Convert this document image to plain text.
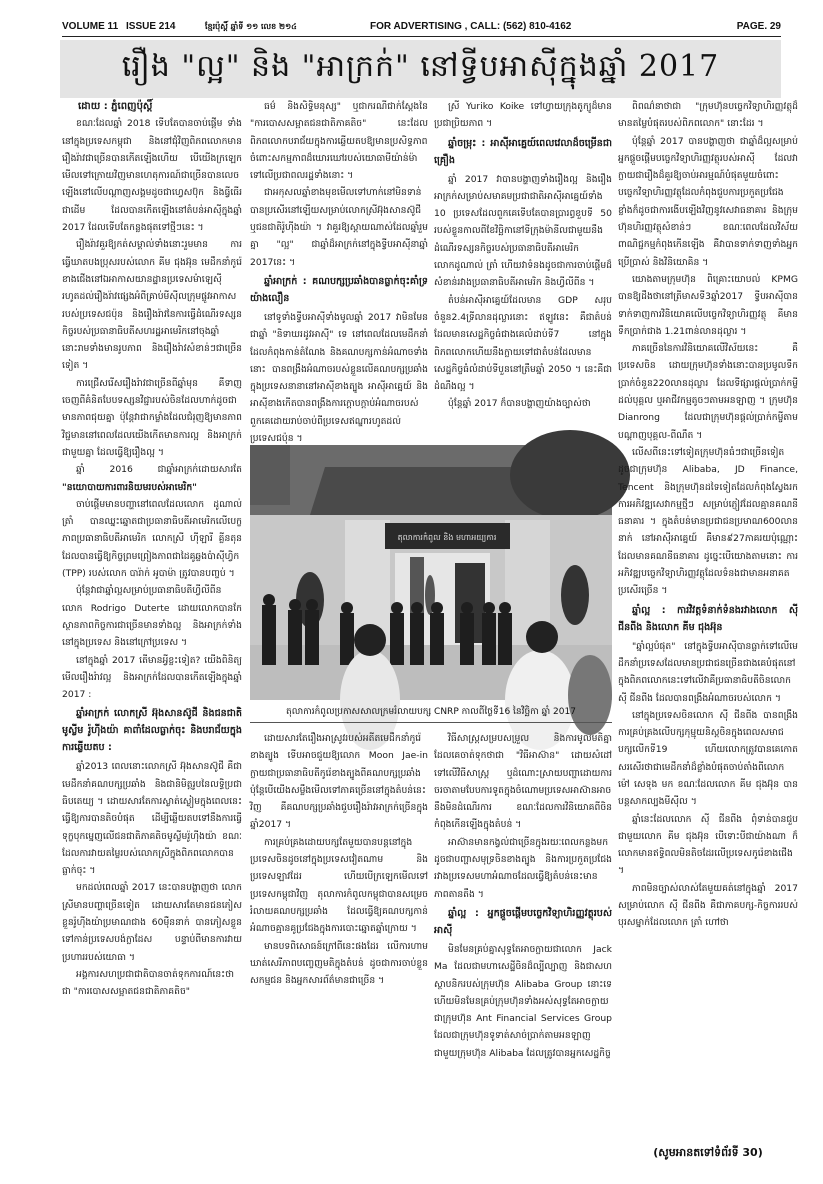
VOLUME 11 ISSUE 214	ខ្មែរប៉ុស្តិ៍ ឆ្នាំទី ១១ លេខ ២១៤	FOR ADVERTISING , CALL: (562) 810-4162	PAGE. 29
រឿង "ល្អ" និង "អាក្រក់" នៅទ្វីបអាស៊ីក្នុងឆ្នាំ 2017

ដោយ : ភ្នំពេញប៉ុស្តិ៍

ខណៈដែលឆ្នាំ 2018 ទើបតែបានចាប់ផ្តើម ទាំងនៅក្នុងប្រទេសកម្ពុជា និងនៅជុំវិញពិភពលោកមានរឿងរ៉ាវជាច្រើនបានកើតឡើងហើយ បើយើងក្រឡេកមើលទៅក្រោយវិញមានហេតុការណ៍ជាច្រើនបានលេចឡើងនៅលើបណ្តាញសង្គមដូចជាហ្វេសប៊ុក និងធ្វីធើរជាដើម ដែលបានកើតឡើងនៅតំបន់អាស៊ីក្នុងឆ្នាំ 2017 ដែលទើបតែកន្លងផុតទៅថ្មីៗនេះ ។

រឿងរ៉ាវគួរឱ្យកត់សម្គាល់ទាំងនោះរួមមាន ការធ្វើឃាតបងប្រុសរបស់លោក គីម ជុងអ៊ុន មេដឹកនាំកូរ៉េខាងជើងនៅឯអាកាសយានដ្ឋានប្រទេសម៉ាឡេស៊ី រហូតដល់រឿងរ៉ាវផ្សេងអំពីគ្រាប់មីស៊ីលក្រុមផ្លូវអាកាសរបស់ប្រទេសជប៉ុន និងរឿងរ៉ាវនៃការធ្វើដំណើរទស្សនកិច្ចរបស់ប្រធានាធិបតីសហរដ្ឋអាមេរិកនៅចុងឆ្នាំនោះរាមទាំងមានរូបភាព និងរឿងរ៉ាវសំខាន់ៗជាច្រើនទៀត ។

ការជ្រើសរើសរឿងរ៉ាវជាច្រើនពីឆ្នាំមុន គឺទាញចេញពីគំនិតបែបទស្សនវិជ្ជារបស់ចិនដែលហាក់ដូចជាមានភាពជុយគ្នា ប៉ុន្តែវាជាកម្លាំងដែលជំរុញឱ្យមានភាពវិជ្ជមាននៅពេលដែលយើងកើតមានការល្អ និងអាក្រក់ជាមួយគ្នា ដែលធ្វើឱ្យរឿងល្អ ។

ឆ្នាំ 2016 ជាឆ្នាំអាក្រក់ដោយសារតែ "នយោបាយការពារនិយមរបស់អាមេរិក"

ចាប់ផ្តើមមានបញ្ហានៅពេលដែលលោក ដូណាល់ ត្រាំ បានឈ្នះឆ្នោតជាប្រធានាធិបតីអាមេរិកលើបេក្ខភាពប្រធានាធិបតីអាមេរិក លោកស្រី ហ៊ីឡារី គ្លីនតុន ដែលបានធ្វើឱ្យកិច្ចព្រមព្រៀងភាពជាដៃគូឆ្លងប៉ាស៊ីហ្វិក (TPP) របស់លោក បារ៉ាក់ អូបាម៉ា ត្រូវបានបញ្ចប់ ។

ប៉ុន្តែវាជាឆ្នាំល្អសម្រាប់ប្រធានាធិបតីហ្វីលីពីន លោក Rodrigo Duterte ដោយលោកបានកែស្ថានភាពកិច្ចការជាច្រើនមានទាំងល្អ និងអាក្រក់ទាំងនៅក្នុងប្រទេស និងនៅក្រៅប្រទេស ។

នៅក្នុងឆ្នាំ 2017 តើមានអ្វីខ្លះទៀត? យើងពិនិត្យមើលរឿងរ៉ាវល្អ និងអាក្រក់ដែលបានកើតឡើងក្នុងឆ្នាំ 2017 :

ឆ្នាំអាក្រក់ លោកស្រី អ៊ុងសានស៊ូជី និងជនជាតិមូស្លីម រ៉ូហ៊ីងយ៉ា គាពាំដែលធ្លាក់ចុះ និងបរាជ័យក្នុងការឆ្លើយតប :

ឆ្នាំ2013 ពេលនោះលោកស្រី អ៊ុងសានស៊ូជី គឺជាមេដឹកនាំគណបក្សប្រឆាំង និងជានិមិត្តរូបនៃលទ្ធិប្រជាធិបតេយ្យ ។ ដោយសារតែការស្ងាត់ស្ងៀមក្នុងពេលនេះ ធ្វើឱ្យការបានតិចបំផុត ដើម្បីឆ្លើយតបទៅនឹងការធ្វើទុក្ខបុកម្នេញលើជនជាតិភាគតិចមូស្លីមរ៉ូហ៊ីងយ៉ា ខណៈដែលការវាយតម្លៃរបស់លោកស្រីក្នុងពិភពលោកបានធ្លាក់ចុះ ។

មកដល់ពេលឆ្នាំ 2017 នេះបានបង្ហាញថា លោកស្រីមានបញ្ហាច្រើនទៀត ដោយសារតែមានជនភៀសខ្លួនរ៉ូហ៊ីងយ៉ាប្រមាណជាង 60ម៉ឺននាក់ បានភៀសខ្លួនទៅកាន់ប្រទេសបង់ក្លាដែស បន្ទាប់ពីមានការវាយប្រហាររបស់យោធា ។

អង្គការសហប្រជាជាតិបានចាត់ទុកការណ៍នេះថាជា "ការបោសសម្អាតជនជាតិភាគតិច"

ធម៌ និងសិទ្ធិមនុស្ស" ឬជាករណីជាក់ស្តែងនៃ "ការបោសសម្អាតជនជាតិភាគតិច" នេះដែលពិភពលោកបរាជ័យក្នុងការឆ្លើយតបឱ្យមានប្រសិទ្ធភាពចំពោះសកម្មភាពដ៏ឃោរឃៅរបស់យោធាមីយ៉ាន់ម៉ាទៅលើប្រជាពលរដ្ឋទាំងនោះ ។

ជាអកុសលឆ្នាំខាងមុខមើលទៅហាក់នៅមិនទាន់បានប្រសើរនៅឡើយសម្រាប់លោកស្រីអ៊ុងសានស៊ូជី ឬជនជាតិរ៉ូហ៊ីងយ៉ា ។ វាគួរឱ្យស្តាយណាស់ដែលឆ្នាំរួមគ្នា "ល្អ" ជាឆ្នាំដ៏អាក្រក់នៅក្នុងទ្វីបអាស៊ីនាឆ្នាំ 2017នេះ ។

ឆ្នាំអាក្រក់ : គណបក្សប្រឆាំងបានធ្លាក់ចុះគាំទ្រយ៉ាងលឿន

នៅទូទាំងទ្វីបអាស៊ីទាំងមូលឆ្នាំ 2017 វាមិនមែនជាឆ្នាំ "និទាឃរដូវអាស៊ី" ទេ នៅពេលដែលមេដឹកនាំដែលកំពុងកាន់តំណែង និងគណបក្សកាន់អំណាចទាំងនោះ បានពង្រឹងអំណាចរបស់ខ្លួនលើគណបក្សប្រឆាំងក្នុងប្រទេសនានានៅអាស៊ីខាងត្បូង អាស៊ីអាគ្នេយ៍ និងអាស៊ីខាងកើតបានពង្រឹងការក្តោបក្តាប់អំណាចរបស់ពួកគេដោយរាប់ចាប់ពីប្រទេសឥណ្ឌារហូតដល់ប្រទេសជប៉ុន ។

ស្រី Yuriko Koike ទៅហ្វាយក្រុងតូក្យូដ៏មានប្រជាប្រិយភាព ។

ឆ្នាំចម្រុះ : អាស៊ីអាគ្នេយ៍ពេលវេលាដ៏ចម្រើនជាគ្រឿង

ឆ្នាំ 2017 វាបានបង្ហាញទាំងរឿងល្អ និងរឿងអាក្រក់សម្រាប់សមាគមប្រជាជាតិអាស៊ីអាគ្នេយ៍ទាំង 10 ប្រទេសដែលពួកគេទើបតែបានប្រារព្ធខួបទី 50 របស់ខ្លួនកាលពីខែវិច្ឆិកានៅទីក្រុងម៉ានីលជាមួយនឹងដំណើរទស្សនកិច្ចរបស់ប្រធានាធិបតីអាមេរិកលោកដូណាល់ ត្រាំ ហើយវាទំនងដូចជាការចាប់ផ្តើមដ៏សំខាន់រវាងប្រធានាធិបតីអាមេរិក និងហ្វីលីពីន ។

តំបន់អាស៊ីអាគ្នេយ៍ដែលមាន GDP សរុបចំនួន2.4ទ្រីលានដុល្លារនោះ ឥឡូវនេះ គឺជាតំបន់ដែលមានសេដ្ឋកិច្ចធំជាងគេលំដាប់ទី7 នៅក្នុងពិភពលោកហើយនឹងក្លាយទៅជាតំបន់ដែលមានសេដ្ឋកិច្ចធំលំដាប់ទីបួននៅត្រឹមឆ្នាំ 2050 ។ នេះគឺជាដំណឹងល្អ ។

ប៉ុន្តែឆ្នាំ 2017 ក៏បានបង្ហាញយ៉ាងច្បាស់ថា

តុលាការកំពូល និង មហាអយ្យការ
តុលាការកំពូលប្រកាសសាលក្រមរំលាយបក្ស CNRP កាលពីថ្ងៃទី16 នៃវិច្ឆិកា ឆ្នាំ 2017

ដោយសារតែរឿងអាស្រូវរបស់អតីតមេដឹកនាំកូរ៉េខាងត្បូង ទើបអាចជួយឱ្យលោក Moon Jae-in ក្លាយជាប្រធានាធិបតីកូរ៉េខាងត្បូងពីគណបក្សប្រឆាំង ប៉ុន្តែបើយើងសម្លឹងមើលទៅភាគច្រើននៅក្នុងតំបន់នេះវិញ គឺគណបក្សប្រឆាំងជួបរឿងរ៉ាវអាក្រក់ច្រើនក្នុងឆ្នាំ2017 ។

ការគ្រប់គ្រងដោយបក្សតែមួយបានបន្តនៅក្នុងប្រទេសចិនដូចនៅក្នុងប្រទេសវៀតណាម និងប្រទេសឡាវដែរ ហើយបើក្រឡេកមើលទៅប្រទេសកម្ពុជាវិញ តុលាការកំពូលកម្ពុជាបានសម្រេចរំលាយគណបក្សប្រឆាំង ដែលធ្វើឱ្យគណបក្សកាន់អំណាចគ្មានគូប្រជែងក្នុងការបោះឆ្នោតឆ្នាំក្រោយ ។

មានបទពិសោធន៍ក្រៅពីនេះផងដែរ លើការហាមឃាត់សេរីភាពបញ្ចេញមតិក្នុងតំបន់ ដូចជាការចាប់ខ្លួនសកម្មជន និងអ្នកសារព័ត៌មានជាច្រើន ។

វិធីសាស្ត្រសម្របសម្រួល និងការមូលមតិគ្នាដែលគេចាត់ទុកថាជា "វិធីអាស៊ាន" ដោយសំដៅទៅលើវិធីសាស្ត្រ ឬដំណោះស្រាយបញ្ហាដោយការចរចាតាមបែបការទូតក្នុងចំណោមប្រទេសអាស៊ានអាចនឹងមិនដំណើរការ ខណៈដែលការវិនិយោគពីចិនកំពុងកើនឡើងក្នុងតំបន់ ។

អាស៊ានមានកង្វល់ជាច្រើនក្នុងរយៈពេលកន្លងមក ដូចជាបញ្ហាសមុទ្រចិនខាងត្បូង និងការប្រកួតប្រជែងរវាងប្រទេសមហាអំណាចដែលធ្វើឱ្យតំបន់នេះមានភាពតានតឹង ។

ឆ្នាំល្អ : អ្នកផ្តួចផ្តើមបច្ចេកវិទ្យាហិរញ្ញវត្ថុរបស់អាស៊ី

មិនមែនគ្រប់គ្នាសុទ្ធតែអាចក្លាយជាលោក Jack Ma ដែលជាមហាសេដ្ឋីចិនដ៏ល្បីល្បាញ និងជាសហស្ថាបនិករបស់ក្រុមហ៊ុន Alibaba Group នោះទេ ហើយមិនមែនគ្រប់ក្រុមហ៊ុនទាំងអស់សុទ្ធតែអាចក្លាយជាក្រុមហ៊ុន Ant Financial Services Group ដែលជាក្រុមហ៊ុនទូទាត់សាច់ប្រាក់តាមអនឡាញជាមួយក្រុមហ៊ុន Alibaba ដែលត្រូវបានអ្នកសេដ្ឋកិច្ច

ពិពណ៌នាថាជា "ក្រុមហ៊ុនបច្ចេកវិទ្យាហិរញ្ញវត្ថុដ៏មានតម្លៃបំផុតរបស់ពិភពលោក" នោះដែរ ។

ប៉ុន្តែឆ្នាំ 2017 បានបង្ហាញថា ជាឆ្នាំដ៏ល្អសម្រាប់ អ្នកផ្តួចផ្តើមបច្ចេកវិទ្យាហិរញ្ញវត្ថុរបស់អាស៊ី ដែលវាក្លាយជារឿងដ៏គួរឱ្យចាប់អារម្មណ៍បំផុតមួយចំពោះបច្ចេកវិទ្យាហិរញ្ញវត្ថុដែលកំពុងជួបការប្រកួតប្រជែងខ្លាំងក៏ដូចជាការងើបឡើងវិញនូវសេវាធនាគារ និងក្រុមហ៊ុនហិរញ្ញវត្ថុសំខាន់ៗ ខណៈពេលដែលវិស័យពាណិជ្ជកម្មកំពុងកើនឡើង គឺវាបានទាក់ទាញទាំងអ្នកប្រើប្រាស់ និងវិនិយោគិន ។

យោងតាមក្រុមហ៊ុន ពិគ្រោះយោបល់ KPMG បានឱ្យដឹងថានៅត្រីមាសទី3ឆ្នាំ2017 ទ្វីបអាស៊ីបានទាក់ទាញការវិនិយោគលើបច្ចេកវិទ្យាហិរញ្ញវត្ថុ គឺមានទឹកប្រាក់ជាង 1.21ពាន់លានដុល្លារ ។

ភាគច្រើននៃការវិនិយោគលើវិស័យនេះ គឺប្រទេសចិន ដោយក្រុមហ៊ុនទាំងនោះបានប្រមូលទឹកប្រាក់ចំនួន220លានដុល្លារ ដែលទីផ្សារផ្តល់ប្រាក់កម្ចីដល់បុគ្គល ឬអាជីវកម្មតូចៗតាមអនឡាញ ។ ក្រុមហ៊ុន Dianrong ដែលជាក្រុមហ៊ុនផ្តល់ប្រាក់កម្ចីតាមបណ្តាញបុគ្គល-ពីណឹត ។

លើសពីនេះទៅទៀតក្រុមហ៊ុនធំៗជាច្រើនទៀតដូចជាក្រុមហ៊ុន Alibaba, JD Finance, Tencent និងក្រុមហ៊ុនដទៃទៀតដែលកំពុងស្វែងរកការអភិវឌ្ឍសេវាកម្មថ្មីៗ សម្រាប់ភ្ញៀវដែលគ្មានគណនីធនាគារ ។ ក្នុងតំបន់មានប្រជាជនប្រមាណ600លាននាក់ នៅអាស៊ីអាគ្នេយ៍ គឺមាន៩27ភាគរយប៉ុណ្ណោះ ដែលមានគណនីធនាគារ ដូច្នេះបើយោងតាមនោះ ការអភិវឌ្ឍបច្ចេកវិទ្យាហិរញ្ញវត្ថុដែលទំនងជាមានអនាគតប្រសើរច្រើន ។

ឆ្នាំល្អ : ការវិវត្តទំនាក់ទំនងរវាងលោក ស៊ី ជីនពីង និងលោក គីម ជុងអ៊ុន

"ឆ្នាំល្អបំផុត" នៅក្នុងទ្វីបអាស៊ីបានធ្លាក់ទៅលើមេដឹកនាំប្រទេសដែលមានប្រជាជនច្រើនជាងគេបំផុតនៅក្នុងពិភពលោកនេះទៅលើវាគឺប្រធានាធិបតីចិនលោក ស៊ី ជីនពីង ដែលបានពង្រឹងអំណាចរបស់លោក ។

នៅក្នុងប្រទេសចិនលោក ស៊ី ជីនពីង បានពង្រឹងការគ្រប់គ្រងលើបក្សកុម្មុយនិស្តចិនក្នុងពេលសមាជបក្សលើកទី19 ហើយលោកត្រូវបានគេកោតសរសើរថាជាមេដឹកនាំដ៏ខ្លាំងបំផុតចាប់តាំងពីលោក ម៉ៅ សេទុង មក ខណៈដែលលោក គីម ជុងអ៊ុន បានបន្តសាកល្បងមីស៊ីល ។

ឆ្នាំនេះដែលលោក ស៊ី ជីនពីង ពុំទាន់បានជួបជាមួយលោក គីម ជុងអ៊ុន បើទោះបីជាយ៉ាងណា ក៏លោកមានឥទ្ធិពលមិនតិចដែរលើប្រទេសកូរ៉េខាងជើង ។

ភាពមិនច្បាស់លាស់តែមួយគត់នៅក្នុងឆ្នាំ 2017 សម្រាប់លោក ស៊ី ជីនពីង គឺជាភាគបក្ស-កិច្ចការរបស់បុរសម្នាក់ដែលលោក ត្រាំ ហៅថា

(សូមអានតទៅទំព័រទី 30)
